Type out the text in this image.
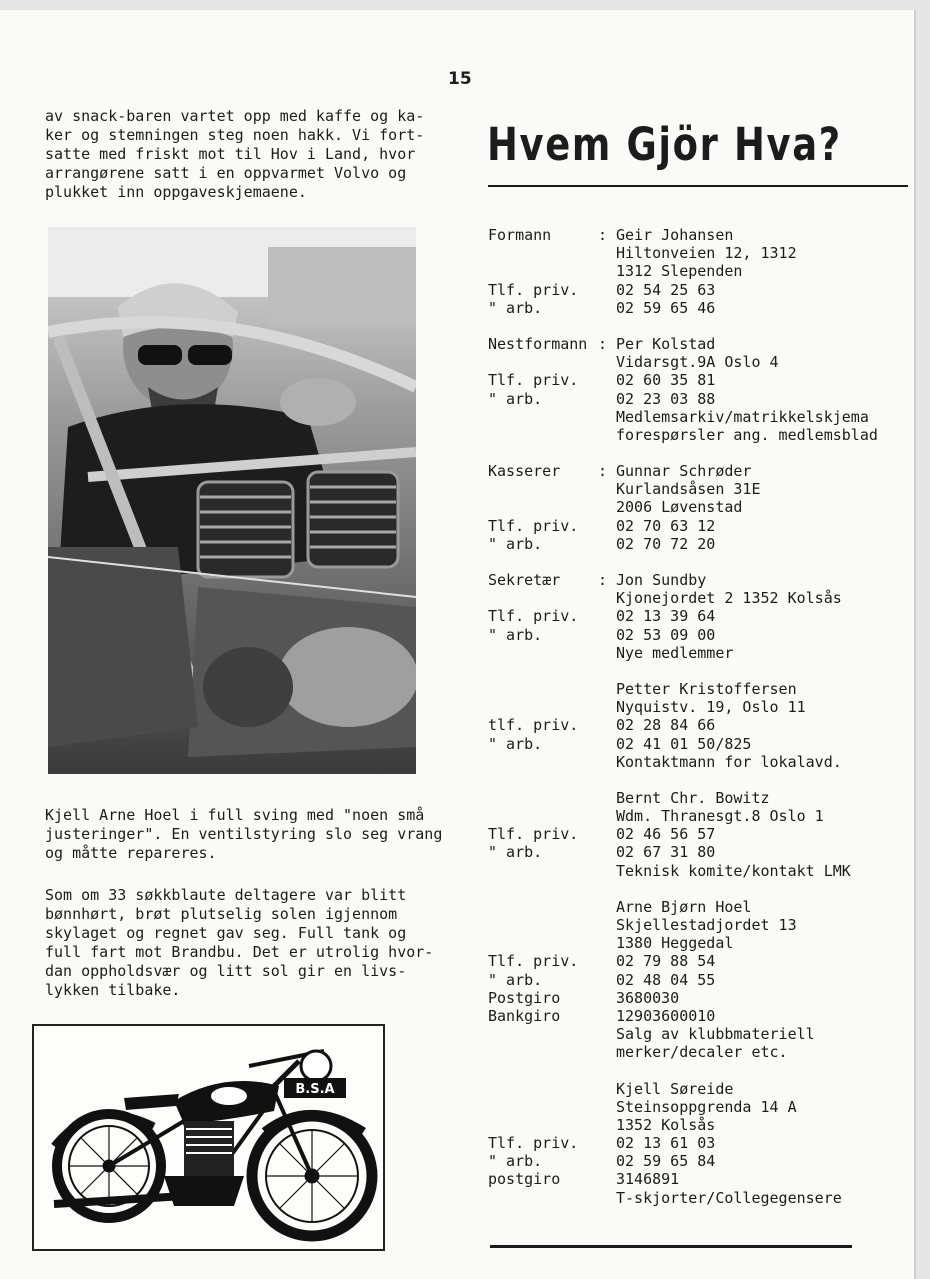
15
av snack-baren vartet opp med kaffe og ka-
ker og stemningen steg noen hakk. Vi fort-
satte med friskt mot til Hov i Land, hvor
arrangørene satt i en oppvarmet Volvo og
plukket inn oppgaveskjemaene.
Kjell Arne Hoel i full sving med "noen små
justeringer". En ventilstyring slo seg vrang
og måtte repareres.
Som om 33 søkkblaute deltagere var blitt
bønnhørt, brøt plutselig solen igjennom
skylaget og regnet gav seg. Full tank og
full fart mot Brandbu. Det er utrolig hvor-
dan oppholdsvær og litt sol gir en livs-
lykken tilbake.
B.S.A
Hvem Gjör Hva?
Formann	: Geir Johansen
Hiltonveien 12, 1312
1312 Slependen
Tlf. priv.	02 54 25 63
" arb.	02 59 65 46
Nestformann : Per Kolstad
Vidarsgt.9A Oslo 4
Tlf. priv.	02 60 35 81
" arb.	02 23 03 88
Medlemsarkiv/matrikkelskjema
forespørsler ang. medlemsblad
Kasserer	: Gunnar Schrøder
Kurlandsåsen 31E
2006 Løvenstad
Tlf. priv.	02 70 63 12
" arb.	02 70 72 20
Sekretær	: Jon Sundby
Kjonejordet 2 1352 Kolsås
Tlf. priv.	02 13 39 64
" arb.	02 53 09 00
Nye medlemmer
Petter Kristoffersen
Nyquistv. 19, Oslo 11
tlf. priv.	02 28 84 66
" arb.	02 41 01 50/825
Kontaktmann for lokalavd.
Bernt Chr. Bowitz
Wdm. Thranesgt.8 Oslo 1
Tlf. priv.	02 46 56 57
" arb.	02 67 31 80
Teknisk komite/kontakt LMK
Arne Bjørn Hoel
Skjellestadjordet 13
1380 Heggedal
Tlf. priv.	02 79 88 54
" arb.	02 48 04 55
Postgiro	3680030
Bankgiro	12903600010
Salg av klubbmateriell
merker/decaler etc.
Kjell Søreide
Steinsoppgrenda 14 A
1352 Kolsås
Tlf. priv.	02 13 61 03
" arb.	02 59 65 84
postgiro	3146891
T-skjorter/Collegegensere
